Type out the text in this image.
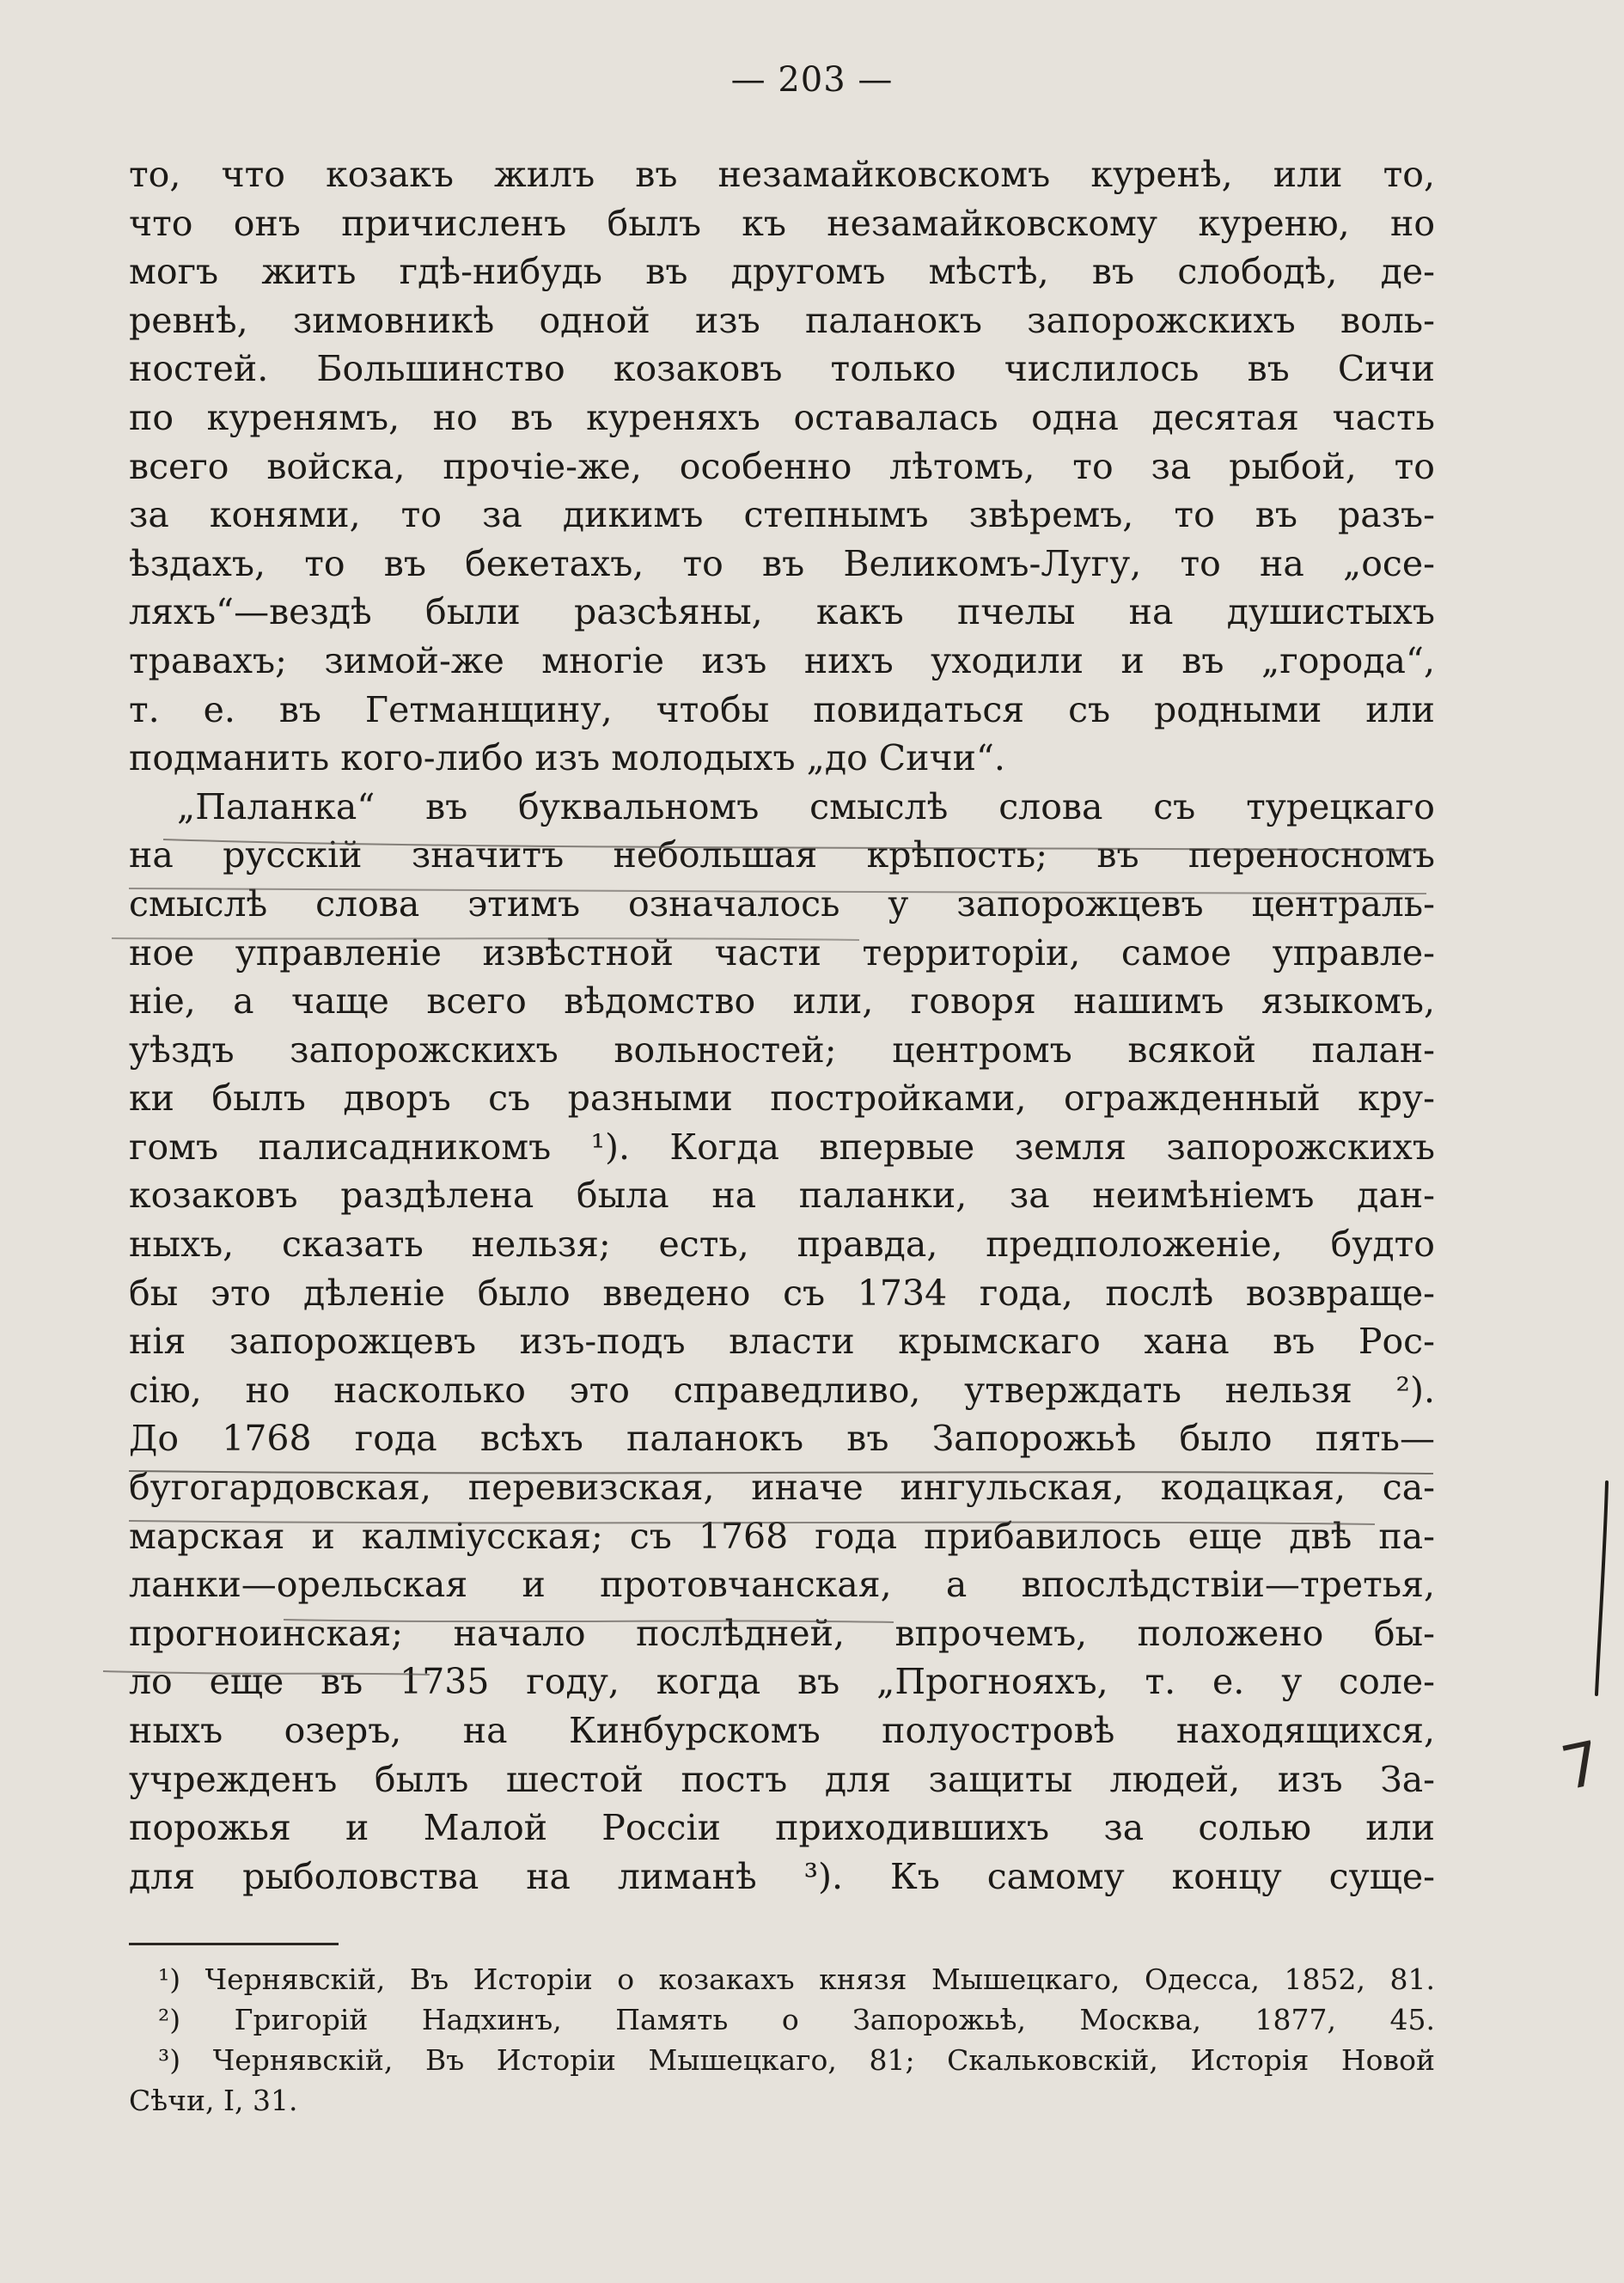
— 203 —
то, что козакъ жилъ въ незамайковскомъ куренѣ, или то,
что онъ причисленъ былъ къ незамайковскому куреню, но
могъ жить гдѣ-нибудь въ другомъ мѣстѣ, въ слободѣ, де-
ревнѣ, зимовникѣ одной изъ паланокъ запорожскихъ воль-
ностей. Большинство козаковъ только числилось въ Сичи
по куренямъ, но въ куреняхъ оставалась одна десятая часть
всего войска, прочіе-же, особенно лѣтомъ, то за рыбой, то
за конями, то за дикимъ степнымъ звѣремъ, то въ разъ-
ѣздахъ, то въ бекетахъ, то въ Великомъ-Лугу, то на „осе-
ляхъ“—вездѣ были разсѣяны, какъ пчелы на душистыхъ
травахъ; зимой-же многіе изъ нихъ уходили и въ „города“,
т. е. въ Гетманщину, чтобы повидаться съ родными или
подманить кого-либо изъ молодыхъ „до Сичи“.
„Паланка“ въ буквальномъ смыслѣ слова съ турецкаго
на русскій значитъ небольшая крѣпость; въ переносномъ
смыслѣ слова этимъ означалось у запорожцевъ централь-
ное управленіе извѣстной части территоріи, самое управле-
ніе, а чаще всего вѣдомство или, говоря нашимъ языкомъ,
уѣздъ запорожскихъ вольностей; центромъ всякой палан-
ки былъ дворъ съ разными постройками, огражденный кру-
гомъ палисадникомъ ¹). Когда впервые земля запорожскихъ
козаковъ раздѣлена была на паланки, за неимѣніемъ дан-
ныхъ, сказать нельзя; есть, правда, предположеніе, будто
бы это дѣленіе было введено съ 1734 года, послѣ возвраще-
нія запорожцевъ изъ-подъ власти крымскаго хана въ Рос-
сію, но насколько это справедливо, утверждать нельзя ²).
До 1768 года всѣхъ паланокъ въ Запорожьѣ было пять—
бугогардовская, перевизская, иначе ингульская, кодацкая, са-
марская и калміусская; съ 1768 года прибавилось еще двѣ па-
ланки—орельская и протовчанская, а впослѣдствіи—третья,
прогноинская; начало послѣдней, впрочемъ, положено бы-
ло еще въ 1735 году, когда въ „Прогнояхъ, т. е. у соле-
ныхъ озеръ, на Кинбурскомъ полуостровѣ находящихся,
учрежденъ былъ шестой постъ для защиты людей, изъ За-
порожья и Малой Россіи приходившихъ за солью или
для рыболовства на лиманѣ ³). Къ самому концу суще-
7
¹) Чернявскій, Въ Исторіи о козакахъ князя Мышецкаго, Одесса, 1852, 81.
²) Григорій Надхинъ, Память о Запорожьѣ, Москва, 1877, 45.
³) Чернявскій, Въ Исторіи Мышецкаго, 81; Скальковскій, Исторія Новой
Сѣчи, I, 31.
